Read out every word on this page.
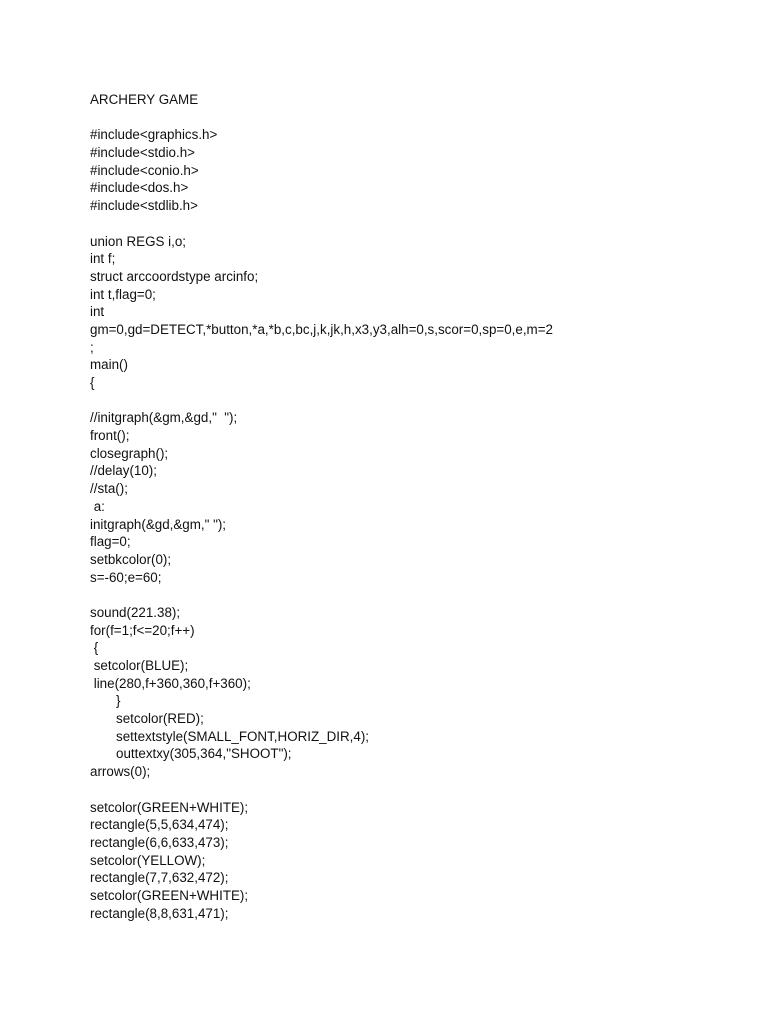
ARCHERY GAME
#include<graphics.h>
#include<stdio.h>
#include<conio.h>
#include<dos.h>
#include<stdlib.h>
union REGS i,o;
int f;
struct arccoordstype arcinfo;
int t,flag=0;
int
gm=0,gd=DETECT,*button,*a,*b,c,bc,j,k,jk,h,x3,y3,alh=0,s,scor=0,sp=0,e,m=2
;
main()
{
//initgraph(&gm,&gd,"  ");
front();
closegraph();
//delay(10);
//sta();
a:
initgraph(&gd,&gm," ");
flag=0;
setbkcolor(0);
s=-60;e=60;
sound(221.38);
for(f=1;f<=20;f++)
{
setcolor(BLUE);
line(280,f+360,360,f+360);
}
setcolor(RED);
settextstyle(SMALL_FONT,HORIZ_DIR,4);
outtextxy(305,364,"SHOOT");
arrows(0);
setcolor(GREEN+WHITE);
rectangle(5,5,634,474);
rectangle(6,6,633,473);
setcolor(YELLOW);
rectangle(7,7,632,472);
setcolor(GREEN+WHITE);
rectangle(8,8,631,471);
